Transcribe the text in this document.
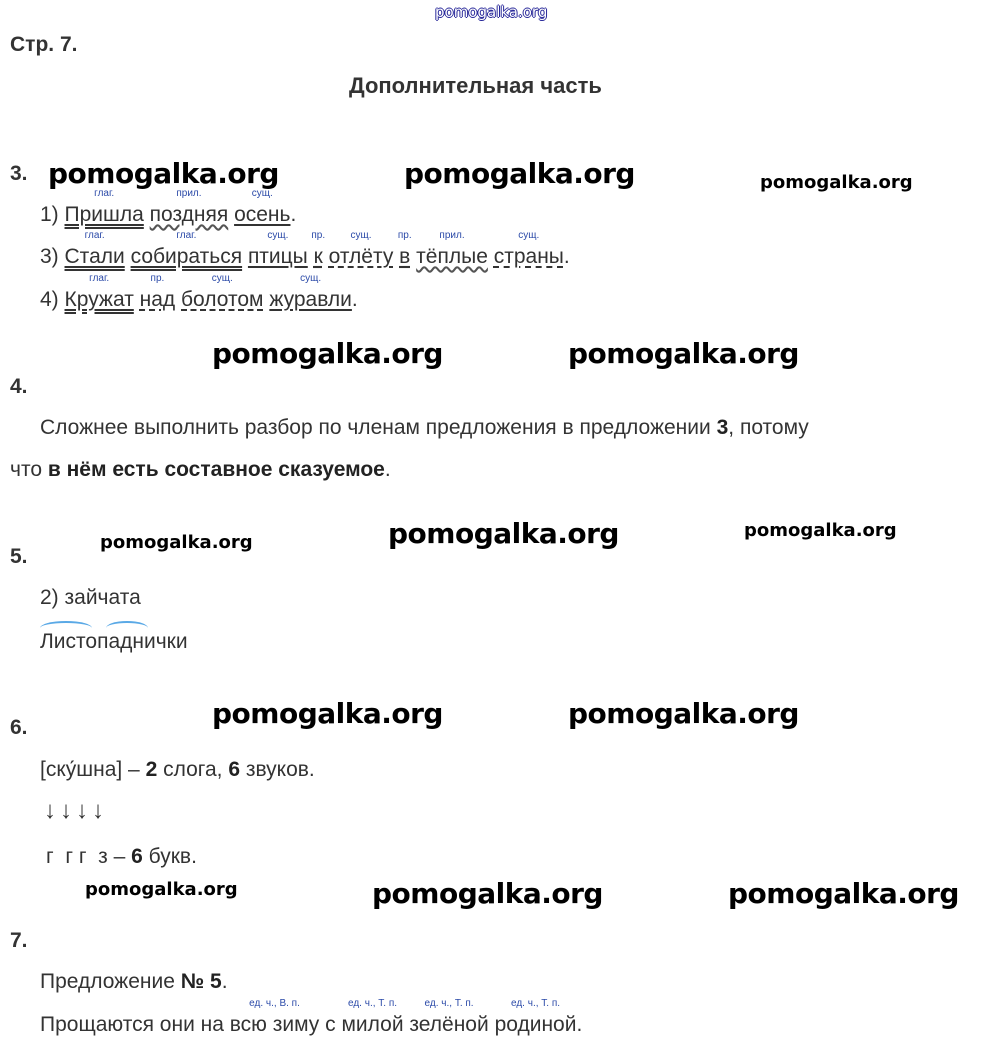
pomogalka.org
Стр. 7.
Дополнительная часть
3. pomogalka.org	pomogalka.org	pomogalka.org
1)
глаг.
Пришла
прил.
поздняя
сущ.
осень.
3)
глаг.
Стали
глаг.
собираться
сущ.
птицы
пр.
к
сущ.
отлёту
пр.
в
прил.
тёплые
сущ.
страны.
4)
глаг.
Кружат
пр.
над
сущ.
болотом
сущ.
журавли.
pomogalka.org	pomogalka.org
4.
Сложнее выполнить разбор по членам предложения в предложении 3, потому
что в нём есть составное сказуемое.
pomogalka.org	pomogalka.org	pomogalka.org
5.
2) зайчата
Листопаднички
pomogalka.org	pomogalka.org
6.
[ску́шна] – 2 слога, 6 звуков.
↓↓↓↓
г  г г  з – 6 букв.
pomogalka.org	pomogalka.org	pomogalka.org
7.
Предложение № 5.
Прощаются они на
ед. ч., В. п.
всю зиму с
ед. ч., Т. п.
милой
ед. ч., Т. п.
зелёной
ед. ч., Т. п.
родиной.
